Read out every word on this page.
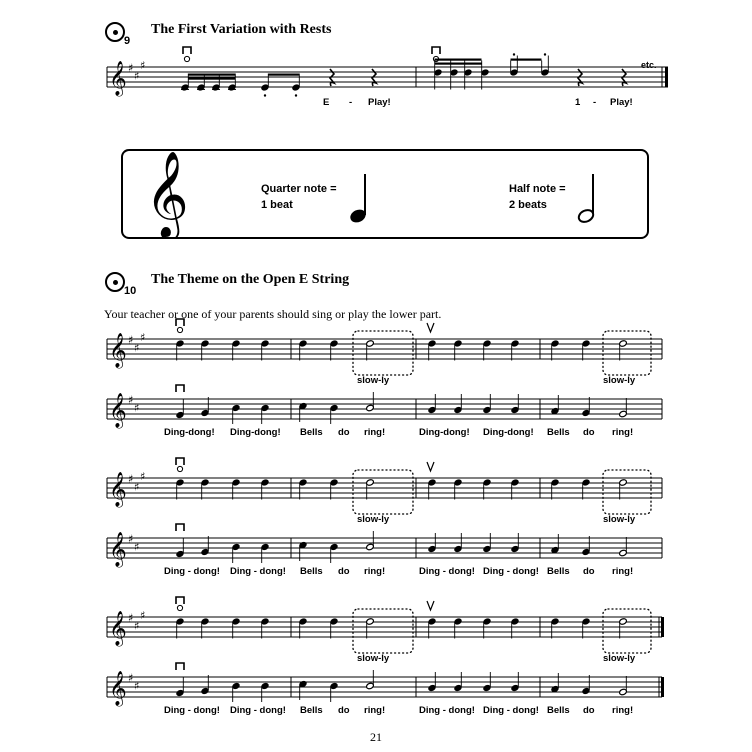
9
The First Variation with Rests
etc.
E - Play!	1 - Play!
𝄞	Quarter note =
1 beat
Half note =
2 beats
10
The Theme on the Open E String
Your teacher or one of your parents should sing or play the lower part.
Ding-dong! Ding-dong! Bells do ring!	Ding-dong! Ding-dong! Bells do ring!
slow-ly	slow-ly
Ding - dong! Ding - dong! Bells do ring!	Ding - dong! Ding - dong! Bells do ring!
slow-ly	slow-ly
Ding - dong! Ding - dong! Bells do ring!	Ding - dong! Ding - dong! Bells do ring!
slow-ly	slow-ly
𝄞 ♯
♯
♯
𝄞 ♯
♯
♯
𝄞 ♯
♯
𝄞 ♯
♯
♯
𝄞 ♯
♯
𝄞 ♯
♯
♯
𝄞 ♯
♯
21
